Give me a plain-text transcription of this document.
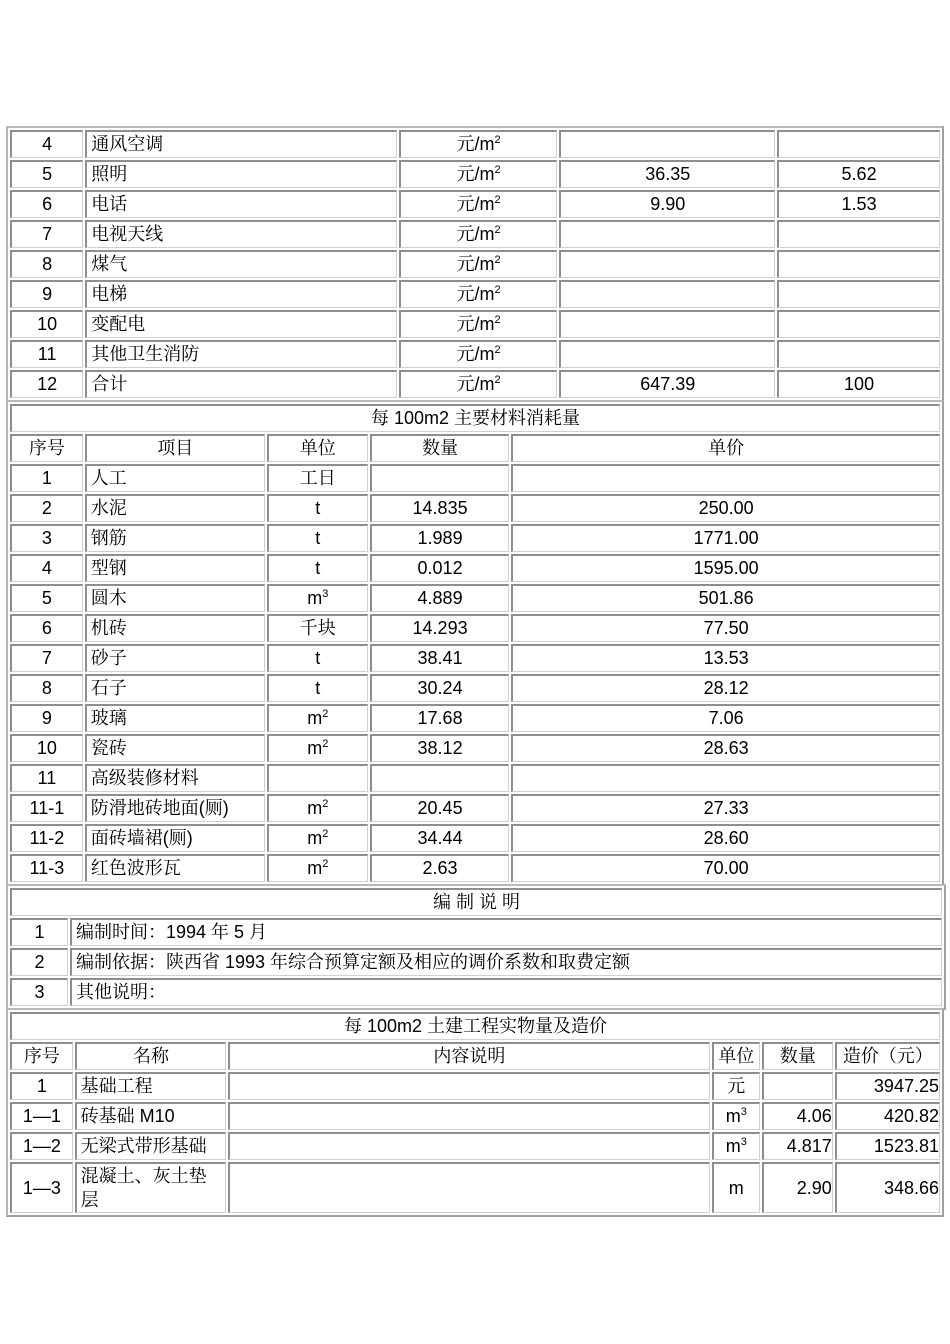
4	通风空调	元$/m^2$		
5	照明	元$/m^2$	36.35	5.62
6	电话	元$/m^2$	9.90	1.53
7	电视天线	元$/m^2$		
8	煤气	元$/m^2$		
9	电梯	元$/m^2$		
10	变配电	元$/m^2$		
11	其他卫生消防	元$/m^2$		
12	合计	元$/m^2$	647.39	100
每 100m2 主要材料消耗量				
序号	项目	单位	数量	单价
1	人工	工日		
2	水泥	t	14.835	250.00
3	钢筋	t	1.989	1771.00
4	型钢	t	0.012	1595.00
5	圆木	$m^3$	4.889	501.86
6	机砖	千块	14.293	77.50
7	砂子	t	38.41	13.53
8	石子	t	30.24	28.12
9	玻璃	$m^2$	17.68	7.06
10	瓷砖	$m^2$	38.12	28.63
11	高级装修材料			
11-1	防滑地砖地面(厕)	$m^2$	20.45	27.33
11-2	面砖墙裙(厕)	$m^2$	34.44	28.60
11-3	红色波形瓦	$m^2$	2.63	70.00
编 制 说 明	
1	编制时间：1994 年 5 月
2	编制依据：陕西省 1993 年综合预算定额及相应的调价系数和取费定额
3	其他说明：
每 100m2 土建工程实物量及造价					
序号	名称	内容说明	单位	数量	造价（元）
1	基础工程		元		3947.25
1—1	砖基础 M10		$m^3$	4.06	420.82
1—2	无梁式带形基础		$m^3$	4.817	1523.81
1—3	混凝土、灰土垫层		m	2.90	348.66
